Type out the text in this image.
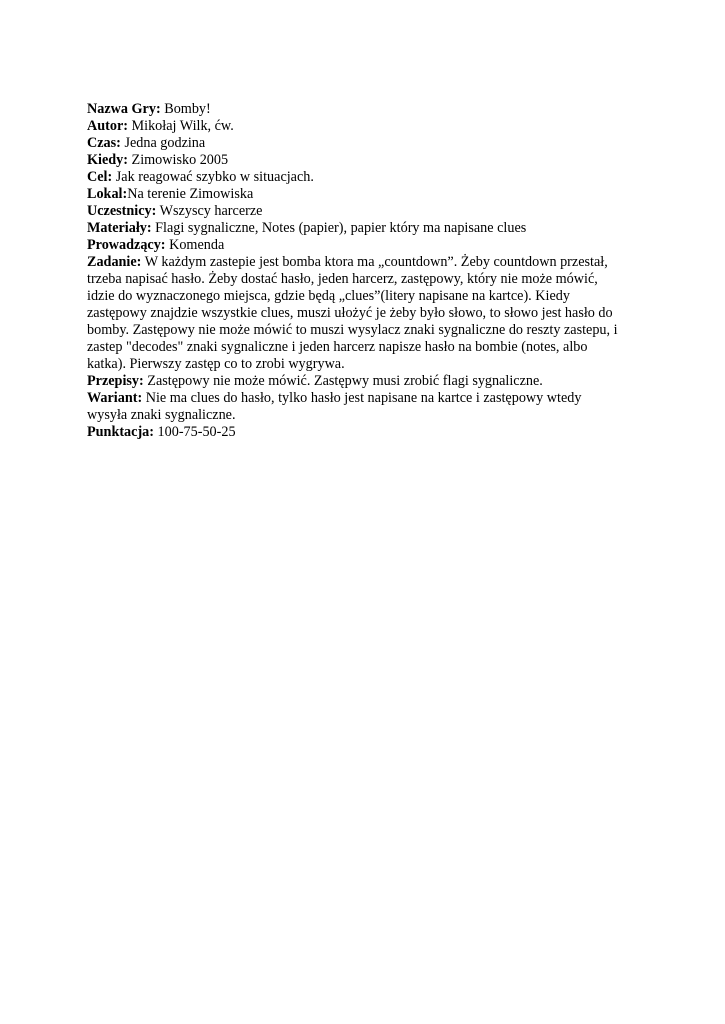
Nazwa Gry: Bomby!
Autor: Mikołaj Wilk, ćw.
Czas: Jedna godzina
Kiedy: Zimowisko 2005
Cel: Jak reagować szybko w situacjach.
Lokal:Na terenie Zimowiska
Uczestnicy: Wszyscy harcerze
Materiały: Flagi sygnaliczne, Notes (papier), papier który ma napisane clues
Prowadzący: Komenda
Zadanie: W każdym zastepie jest bomba ktora ma „countdown”. Żeby countdown przestał,
trzeba napisać hasło. Żeby dostać hasło, jeden harcerz, zastępowy, który nie może mówić,
idzie do wyznaczonego miejsca, gdzie będą „clues”(litery napisane na kartce). Kiedy
zastępowy znajdzie wszystkie clues, muszi ułożyć je żeby było słowo, to słowo jest hasło do
bomby. Zastępowy nie może mówić to muszi wysylacz znaki sygnaliczne do reszty zastepu, i
zastep "decodes" znaki sygnaliczne i jeden harcerz napisze hasło na bombie (notes, albo
katka). Pierwszy zastęp co to zrobi wygrywa.
Przepisy: Zastępowy nie może mówić. Zastępwy musi zrobić flagi sygnaliczne.
Wariant: Nie ma clues do hasło, tylko hasło jest napisane na kartce i zastępowy wtedy
wysyła znaki sygnaliczne.
Punktacja: 100-75-50-25
